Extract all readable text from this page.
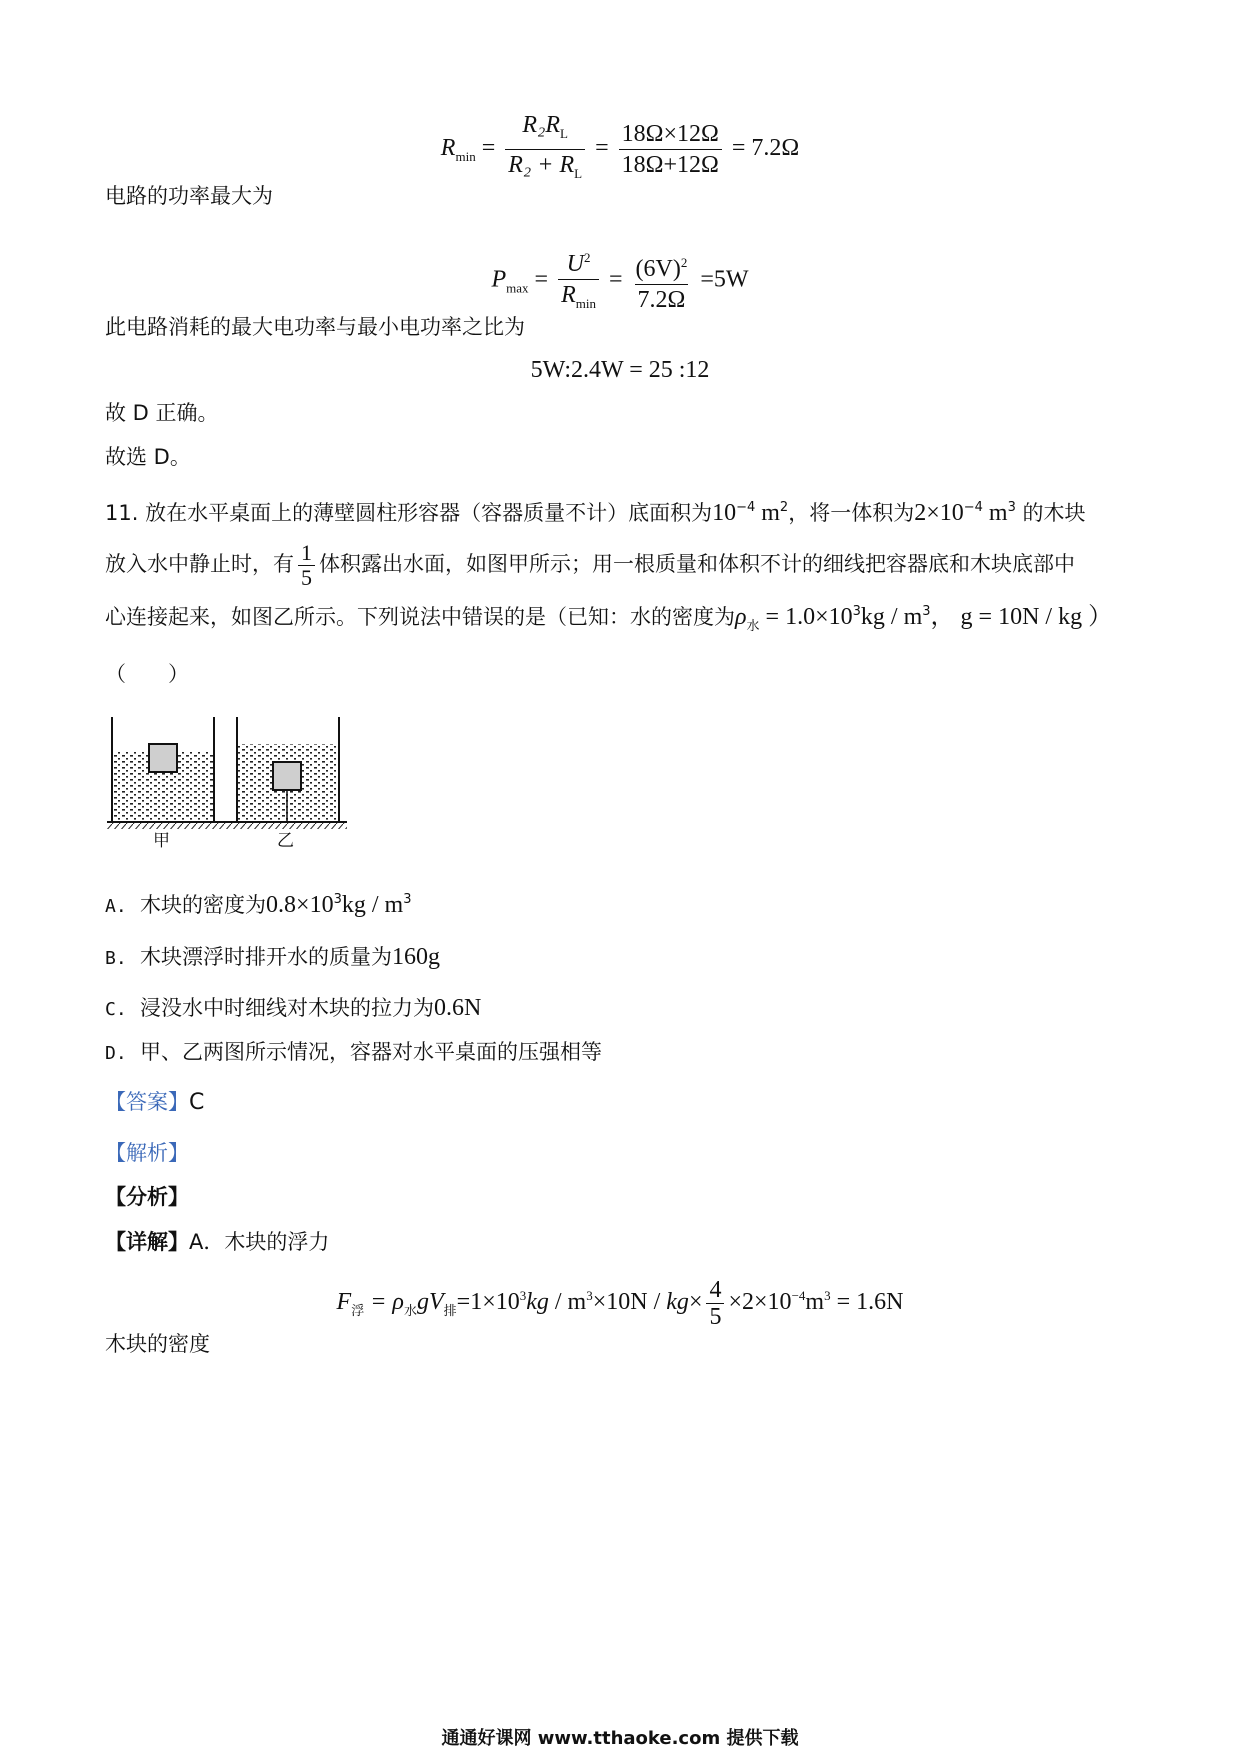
$R_{min} = \frac{R_2R_L}{R_2 + R_L} = \frac{18\Omega\times 12\Omega}{18\Omega+12\Omega} = 7.2\Omega$
电路的功率最大为
$P_{max} = \frac{U^2}{R_{min}} = \frac{(6V)^2}{7.2\Omega} =5W$
此电路消耗的最大电功率与最小电功率之比为
5W:2.4W = 25 :12
故 D 正确。
故选 D。
11. 放在水平桌面上的薄壁圆柱形容器（容器质量不计）底面积为$10^{-4}$ $m^2$，将一体积为$2\times 10^{-4}$ $m^3$ 的木块
放入水中静止时，有 $\frac{1}{5}$ 体积露出水面，如图甲所示；用一根质量和体积不计的细线把容器底和木块底部中
心连接起来，如图乙所示。下列说法中错误的是（已知：水的密度为$\rho_水 = 1.0\times 10^3kg / m^3$， g = 10N / kg ）
（　　）
甲	乙
A. 木块的密度为$0.8\times 10^3kg / m^3$
B. 木块漂浮时排开水的质量为160g
C. 浸没水中时细线对木块的拉力为0.6N
D. 甲、乙两图所示情况，容器对水平桌面的压强相等
【答案】C
【解析】
【分析】
【详解】A．木块的浮力
$F_浮 = \rho_水gV_排=1\times 10^3kg / m^3\times 10N / kg\times \frac{4}{5} \times 2\times 10^{-4}m^3 = 1.6N$
木块的密度
通通好课网 www.tthaoke.com 提供下载
